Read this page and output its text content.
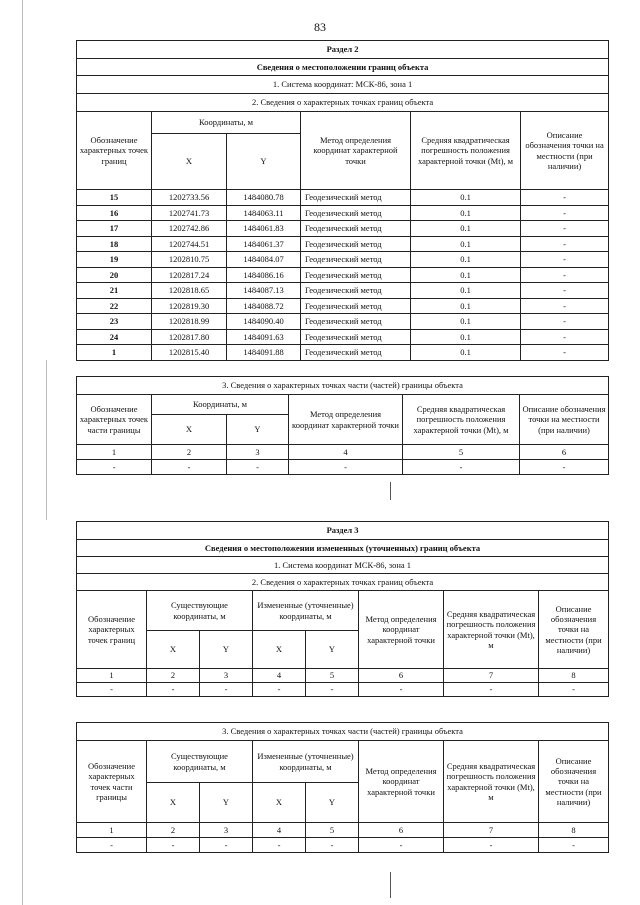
83
Раздел 2					
Сведения о местоположении границ объекта					
1. Система координат: МСК-86, зона 1					
2. Сведения о характерных точках границ объекта					
Обозначение характерных точек границ	Координаты, м		Метод определения координат характерной точки	Средняя квадратическая погрешность положения характерной точки (Mt), м	Описание обозначения точки на местности (при наличии)
	X	Y			
15	1202733.56	1484080.78	Геодезический метод	0.1	-
16	1202741.73	1484063.11	Геодезический метод	0.1	-
17	1202742.86	1484061.83	Геодезический метод	0.1	-
18	1202744.51	1484061.37	Геодезический метод	0.1	-
19	1202810.75	1484084.07	Геодезический метод	0.1	-
20	1202817.24	1484086.16	Геодезический метод	0.1	-
21	1202818.65	1484087.13	Геодезический метод	0.1	-
22	1202819.30	1484088.72	Геодезический метод	0.1	-
23	1202818.99	1484090.40	Геодезический метод	0.1	-
24	1202817.80	1484091.63	Геодезический метод	0.1	-
1	1202815.40	1484091.88	Геодезический метод	0.1	-
3. Сведения о характерных точках части (частей) границы объекта					
Обозначение характерных точек части границы	Координаты, м		Метод определения координат характерной точки	Средняя квадратическая погрешность положения характерной точки (Mt), м	Описание обозначения точки на местности (при наличии)
	X	Y			
1	2	3	4	5	6
-	-	-	-	-	-
Раздел 3							
Сведения о местоположении измененных (уточненных) границ объекта							
1. Система координат МСК-86, зона 1							
2. Сведения о характерных точках границ объекта							
Обозначение характерных точек границ	Существующие координаты, м		Измененные (уточненные) координаты, м		Метод определения координат характерной точки	Средняя квадратическая погрешность положения характерной точки (Mt), м	Описание обозначения точки на местности (при наличии)
	X	Y	X	Y			
1	2	3	4	5	6	7	8
-	-	-	-	-	-	-	-
3. Сведения о характерных точках части (частей) границы объекта							
Обозначение характерных точек части границы	Существующие координаты, м		Измененные (уточненные) координаты, м		Метод определения координат характерной точки	Средняя квадратическая погрешность положения характерной точки (Mt), м	Описание обозначения точки на местности (при наличии)
	X	Y	X	Y			
1	2	3	4	5	6	7	8
-	-	-	-	-	-	-	-
